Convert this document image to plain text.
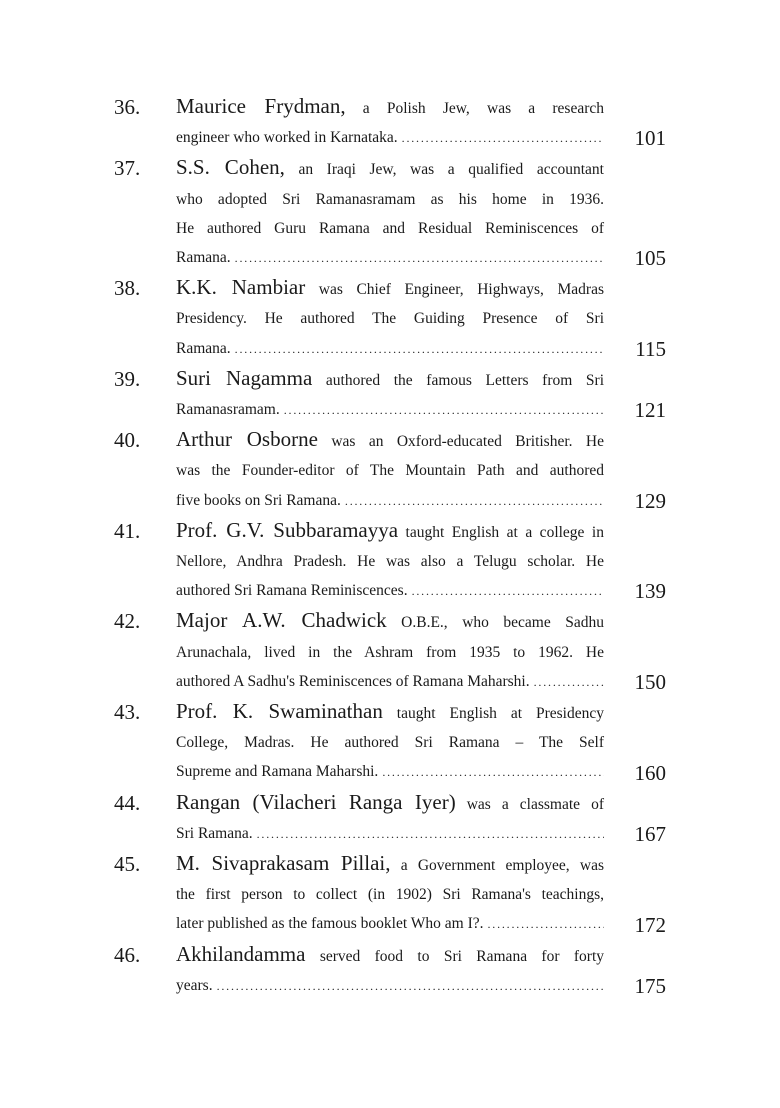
36.	Maurice Frydman, a Polish Jew, was a research
engineer who worked in Karnataka. . . .	101
37.	S.S. Cohen, an Iraqi Jew, was a qualified accountant
who adopted Sri Ramanasramam as his home in 1936.
He authored Guru Ramana and Residual Reminiscences of
Ramana. . . .	105
38.	K.K. Nambiar was Chief Engineer, Highways, Madras
Presidency. He authored The Guiding Presence of Sri
Ramana. . . .	115
39.	Suri Nagamma authored the famous Letters from Sri
Ramanasramam. . . .	121
40.	Arthur Osborne was an Oxford-educated Britisher. He
was the Founder-editor of The Mountain Path and authored
five books on Sri Ramana. . . .	129
41.	Prof. G.V. Subbaramayya taught English at a college in
Nellore, Andhra Pradesh. He was also a Telugu scholar. He
authored Sri Ramana Reminiscences. . . .	139
42.	Major A.W. Chadwick O.B.E., who became Sadhu
Arunachala, lived in the Ashram from 1935 to 1962. He
authored A Sadhu's Reminiscences of Ramana Maharshi. . . .	150
43.	Prof. K. Swaminathan taught English at Presidency
College, Madras. He authored Sri Ramana – The Self
Supreme and Ramana Maharshi. . . .	160
44.	Rangan (Vilacheri Ranga Iyer) was a classmate of
Sri Ramana. . . .	167
45.	M. Sivaprakasam Pillai, a Government employee, was
the first person to collect (in 1902) Sri Ramana's teachings,
later published as the famous booklet Who am I?. . . .	172
46.	Akhilandamma served food to Sri Ramana for forty
years. . . .	175
